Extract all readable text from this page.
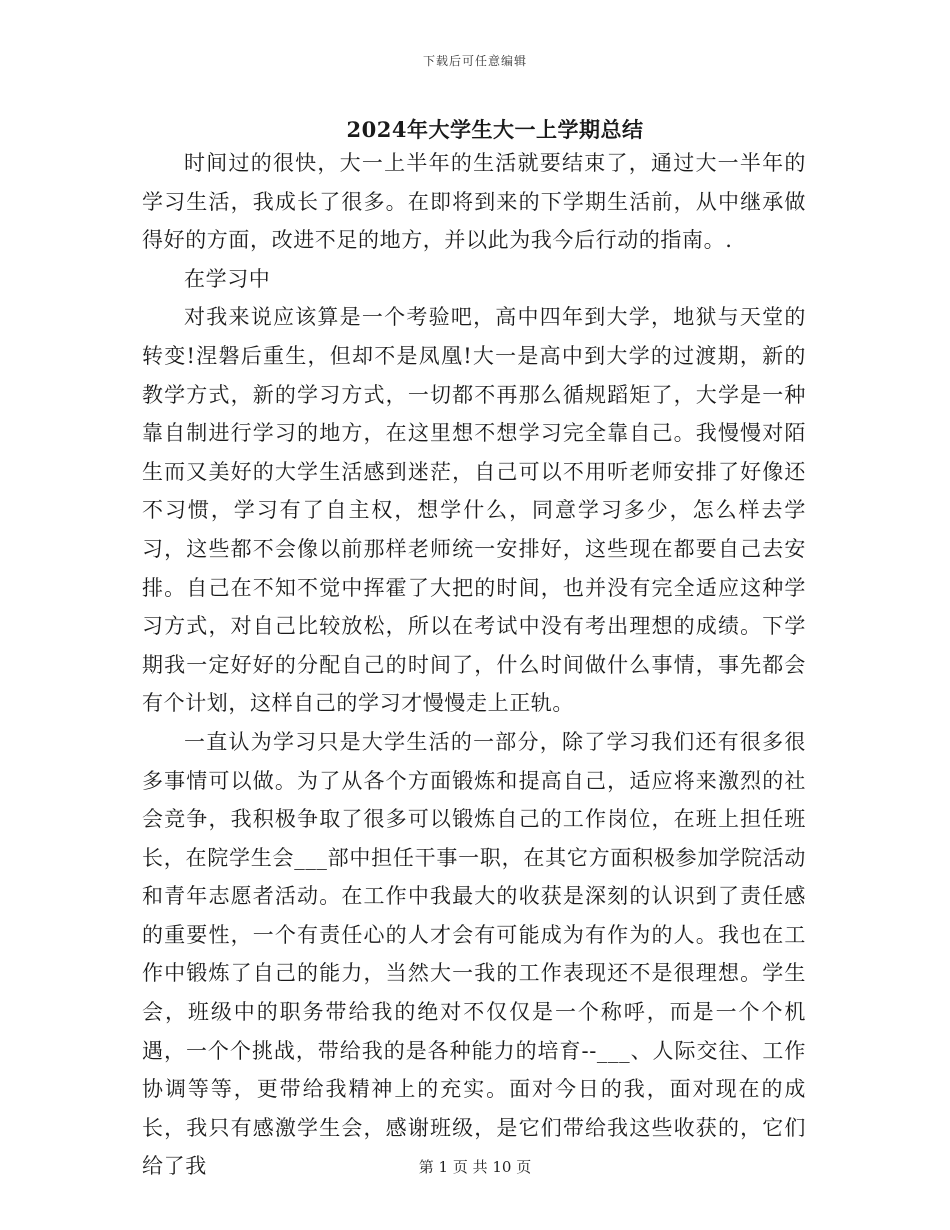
下载后可任意编辑
2024年大学生大一上学期总结

时间过的很快，大一上半年的生活就要结束了，通过大一半年的学习生活，我成长了很多。在即将到来的下学期生活前，从中继承做得好的方面，改进不足的地方，并以此为我今后行动的指南。.

在学习中

对我来说应该算是一个考验吧，高中四年到大学，地狱与天堂的转变!涅磐后重生，但却不是凤凰!大一是高中到大学的过渡期，新的教学方式，新的学习方式，一切都不再那么循规蹈矩了，大学是一种靠自制进行学习的地方，在这里想不想学习完全靠自己。我慢慢对陌生而又美好的大学生活感到迷茫，自己可以不用听老师安排了好像还不习惯，学习有了自主权，想学什么，同意学习多少，怎么样去学习，这些都不会像以前那样老师统一安排好，这些现在都要自己去安排。自己在不知不觉中挥霍了大把的时间，也并没有完全适应这种学习方式，对自己比较放松，所以在考试中没有考出理想的成绩。下学期我一定好好的分配自己的时间了，什么时间做什么事情，事先都会有个计划，这样自己的学习才慢慢走上正轨。

一直认为学习只是大学生活的一部分，除了学习我们还有很多很多事情可以做。为了从各个方面锻炼和提高自己，适应将来激烈的社会竞争，我积极争取了很多可以锻炼自己的工作岗位，在班上担任班长，在院学生会___部中担任干事一职，在其它方面积极参加学院活动和青年志愿者活动。在工作中我最大的收获是深刻的认识到了责任感的重要性，一个有责任心的人才会有可能成为有作为的人。我也在工作中锻炼了自己的能力，当然大一我的工作表现还不是很理想。学生会，班级中的职务带给我的绝对不仅仅是一个称呼，而是一个个机遇，一个个挑战，带给我的是各种能力的培育--___、人际交往、工作协调等等，更带给我精神上的充实。面对今日的我，面对现在的成长，我只有感激学生会，感谢班级，是它们带给我这些收获的，它们给了我	第 1 页 共 10 页
